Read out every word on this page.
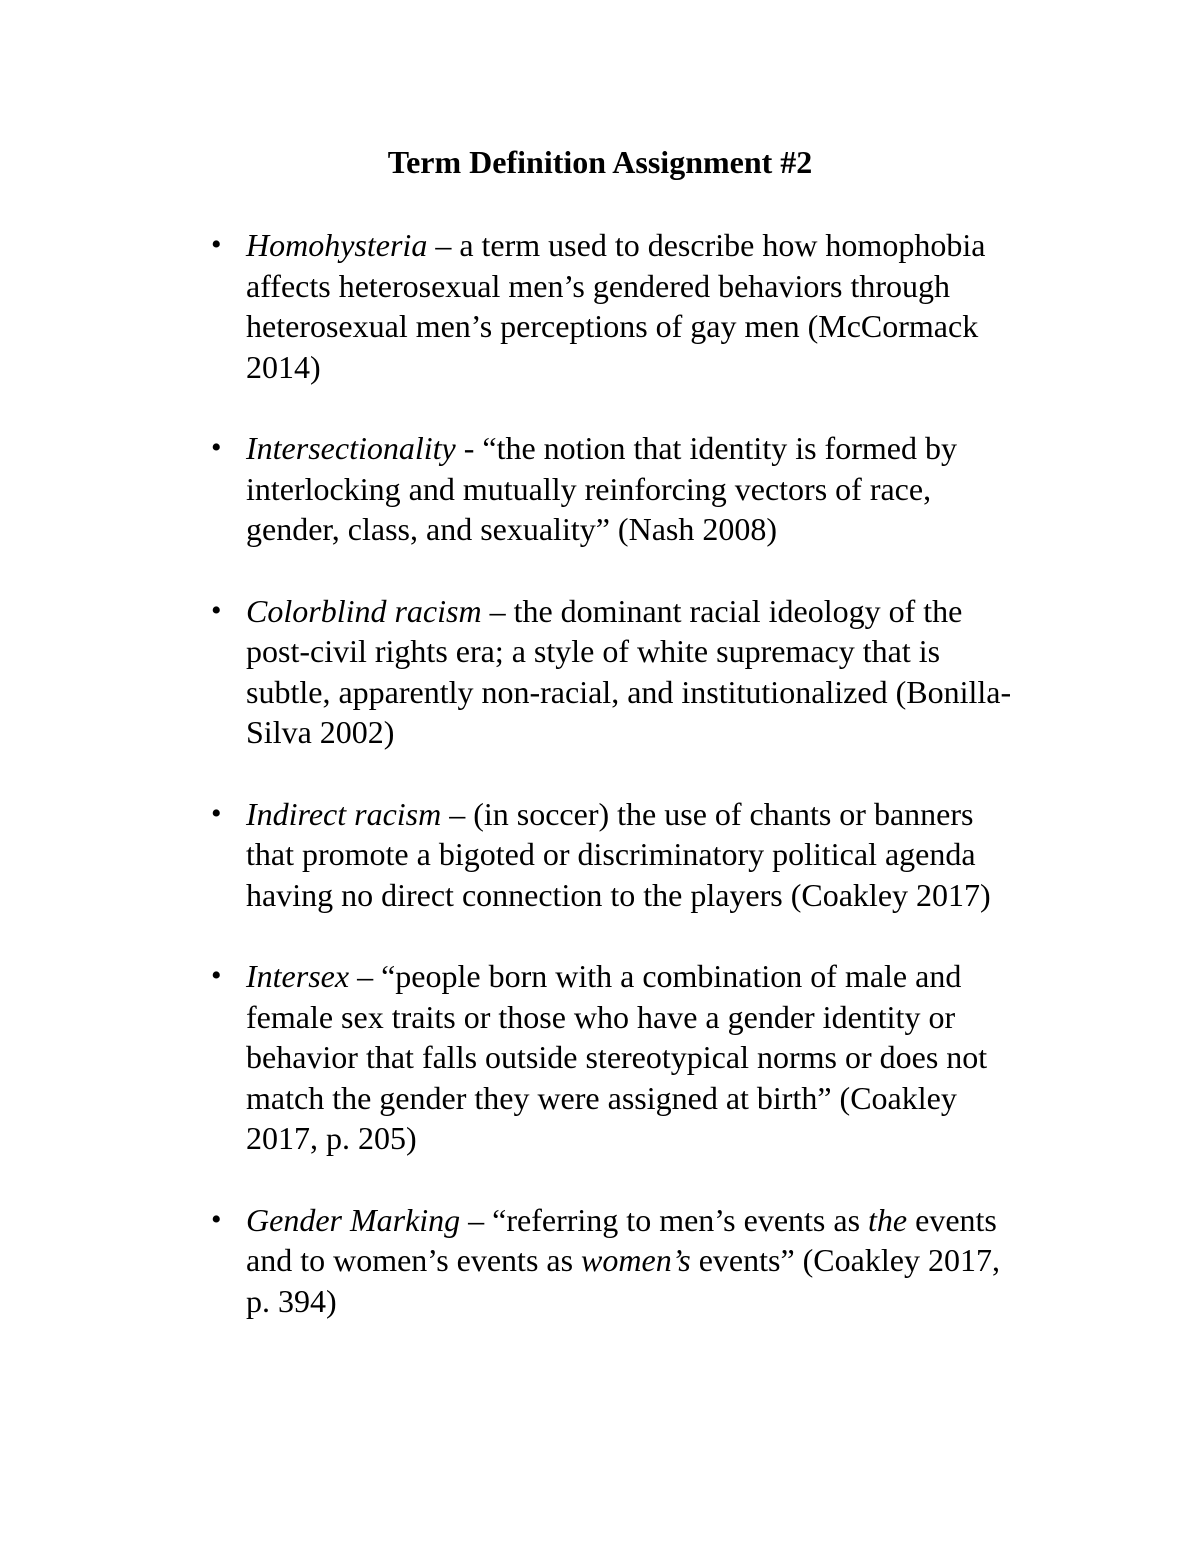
Term Definition Assignment #2
• Homohysteria – a term used to describe how homophobia affects heterosexual men’s gendered behaviors through heterosexual men’s perceptions of gay men (McCormack 2014)
• Intersectionality - “the notion that identity is formed by interlocking and mutually reinforcing vectors of race, gender, class, and sexuality” (Nash 2008)
• Colorblind racism – the dominant racial ideology of the post-civil rights era; a style of white supremacy that is subtle, apparently non-racial, and institutionalized (Bonilla-Silva 2002)
• Indirect racism – (in soccer) the use of chants or banners that promote a bigoted or discriminatory political agenda having no direct connection to the players (Coakley 2017)
• Intersex – “people born with a combination of male and female sex traits or those who have a gender identity or behavior that falls outside stereotypical norms or does not match the gender they were assigned at birth” (Coakley 2017, p. 205)
• Gender Marking – “referring to men’s events as the events and to women’s events as women’s events” (Coakley 2017, p. 394)
